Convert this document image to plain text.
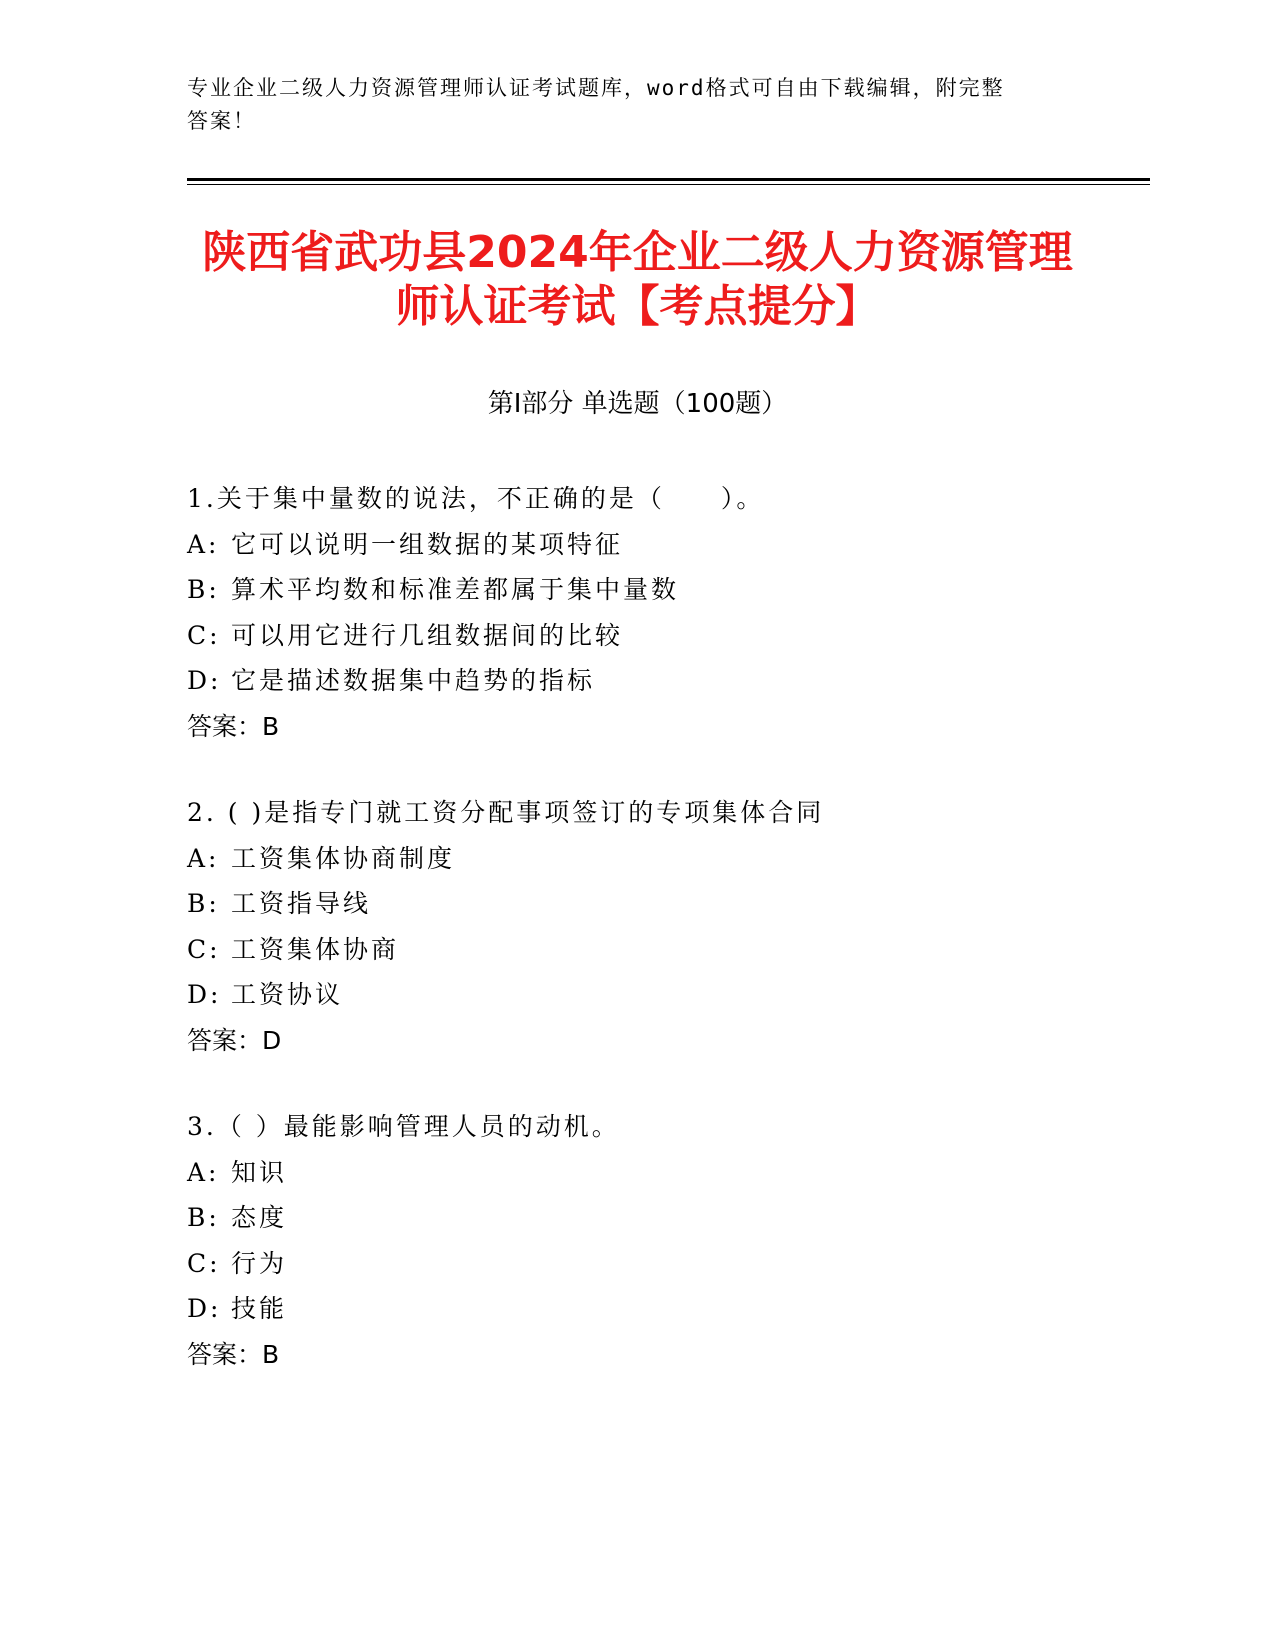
专业企业二级人力资源管理师认证考试题库，word格式可自由下载编辑，附完整
答案！
陕西省武功县2024年企业二级人力资源管理
师认证考试【考点提分】
第I部分 单选题（100题）
1.关于集中量数的说法，不正确的是（　　）。
A: 它可以说明一组数据的某项特征
B: 算术平均数和标准差都属于集中量数
C: 可以用它进行几组数据间的比较
D: 它是描述数据集中趋势的指标
答案：B
2. ( )是指专门就工资分配事项签订的专项集体合同
A: 工资集体协商制度
B: 工资指导线
C: 工资集体协商
D: 工资协议
答案：D
3.（ ）最能影响管理人员的动机。
A: 知识
B: 态度
C: 行为
D: 技能
答案：B
